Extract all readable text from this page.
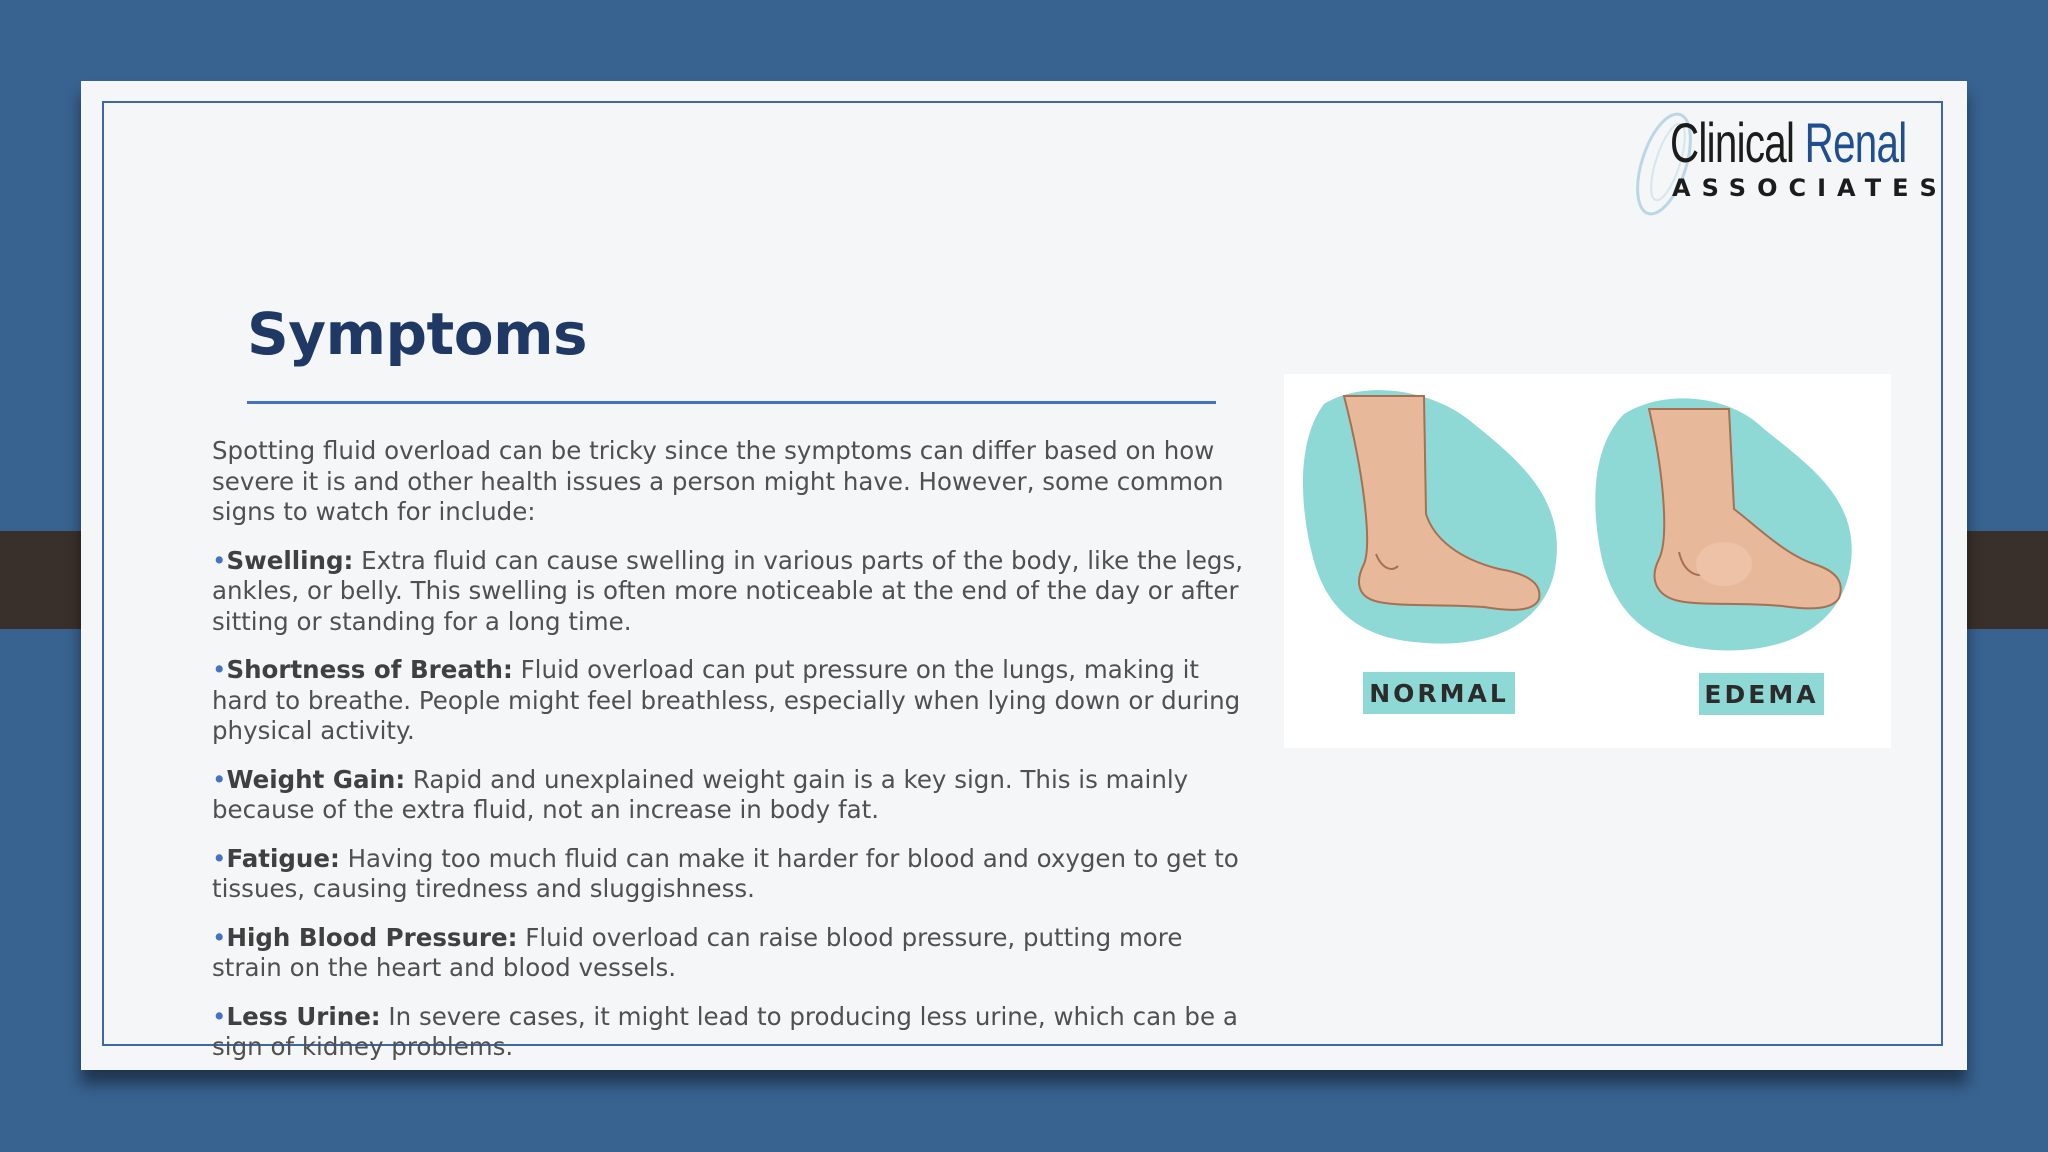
Clinical Renal
ASSOCIATES
Symptoms

Spotting fluid overload can be tricky since the symptoms can differ based on how severe it is and other health issues a person might have. However, some common signs to watch for include:

•Swelling: Extra fluid can cause swelling in various parts of the body, like the legs, ankles, or belly. This swelling is often more noticeable at the end of the day or after sitting or standing for a long time.

•Shortness of Breath: Fluid overload can put pressure on the lungs, making it hard to breathe. People might feel breathless, especially when lying down or during physical activity.

•Weight Gain: Rapid and unexplained weight gain is a key sign. This is mainly because of the extra fluid, not an increase in body fat.

•Fatigue: Having too much fluid can make it harder for blood and oxygen to get to tissues, causing tiredness and sluggishness.

•High Blood Pressure: Fluid overload can raise blood pressure, putting more strain on the heart and blood vessels.

•Less Urine: In severe cases, it might lead to producing less urine, which can be a sign of kidney problems.

NORMAL	EDEMA
